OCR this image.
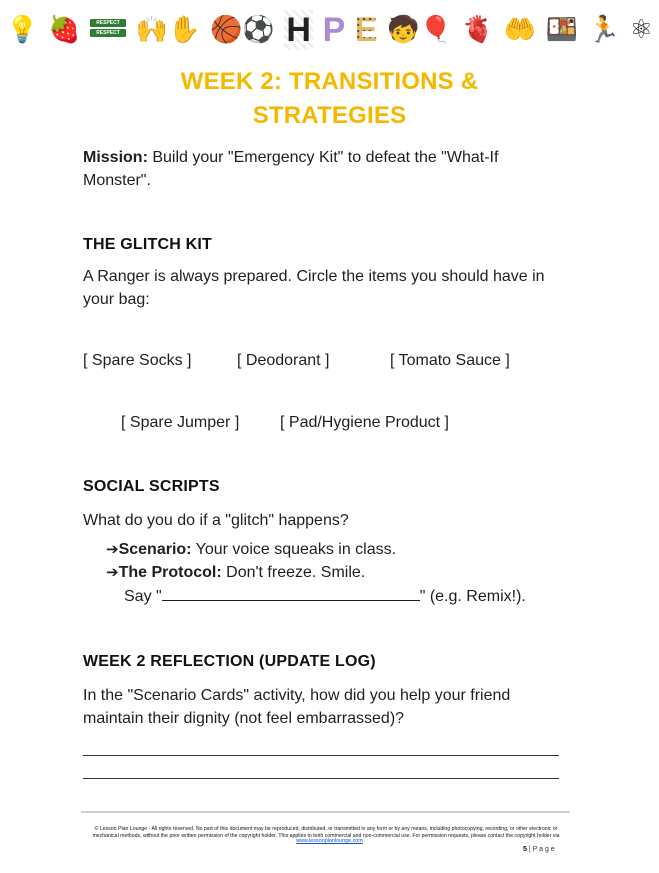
💡 🍓	RESPECT
RESPECT 🙌✋ 🏀⚽ H P E 🧒🎈 🫀 🤲 🍱 🏃 ⚛
WEEK 2: TRANSITIONS &
STRATEGIES
Mission: Build your "Emergency Kit" to defeat the "What-If Monster".
THE GLITCH KIT
A Ranger is always prepared. Circle the items you should have in your bag:
[ Spare Socks ]	[ Deodorant ]	[ Tomato Sauce ]
[ Spare Jumper ]	[ Pad/Hygiene Product ]
SOCIAL SCRIPTS
What do you do if a "glitch" happens?
➔Scenario: Your voice squeaks in class.
➔The Protocol: Don't freeze. Smile.
Say "	" (e.g. Remix!).
WEEK 2 REFLECTION (UPDATE LOG)
In the "Scenario Cards" activity, how did you help your friend maintain their dignity (not feel embarrassed)?
© Lesson Plan Lounge - All rights reserved. No part of this document may be reproduced, distributed, or transmitted in any form or by any means, including photocopying, recording, or other electronic or mechanical methods, without the prior written permission of the copyright holder. This applies to both commercial and non-commercial use. For permission requests, please contact the copyright holder via
www.lessonplanlounge.com
5 | P a g e
